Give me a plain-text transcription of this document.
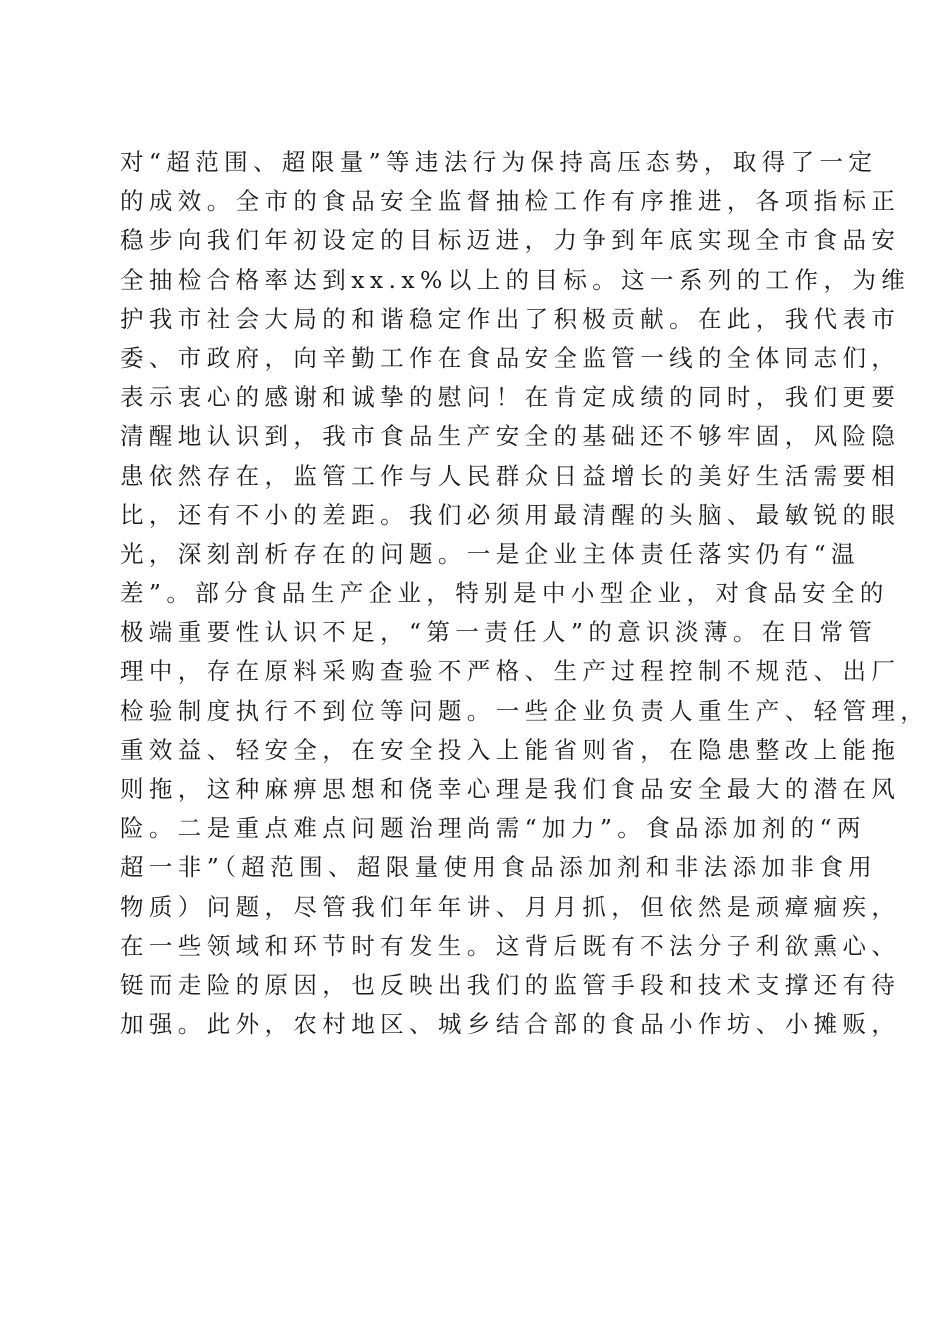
对“超范围、超限量”等违法行为保持高压态势，取得了一定
的成效。全市的食品安全监督抽检工作有序推进，各项指标正
稳步向我们年初设定的目标迈进，力争到年底实现全市食品安
全抽检合格率达到xx.x%以上的目标。这一系列的工作，为维
护我市社会大局的和谐稳定作出了积极贡献。在此，我代表市
委、市政府，向辛勤工作在食品安全监管一线的全体同志们，
表示衷心的感谢和诚挚的慰问！在肯定成绩的同时，我们更要
清醒地认识到，我市食品生产安全的基础还不够牢固，风险隐
患依然存在，监管工作与人民群众日益增长的美好生活需要相
比，还有不小的差距。我们必须用最清醒的头脑、最敏锐的眼
光，深刻剖析存在的问题。一是企业主体责任落实仍有“温
差”。部分食品生产企业，特别是中小型企业，对食品安全的
极端重要性认识不足，“第一责任人”的意识淡薄。在日常管
理中，存在原料采购查验不严格、生产过程控制不规范、出厂
检验制度执行不到位等问题。一些企业负责人重生产、轻管理，
重效益、轻安全，在安全投入上能省则省，在隐患整改上能拖
则拖，这种麻痹思想和侥幸心理是我们食品安全最大的潜在风
险。二是重点难点问题治理尚需“加力”。食品添加剂的“两
超一非”（超范围、超限量使用食品添加剂和非法添加非食用
物质）问题，尽管我们年年讲、月月抓，但依然是顽瘴痼疾，
在一些领域和环节时有发生。这背后既有不法分子利欲熏心、
铤而走险的原因，也反映出我们的监管手段和技术支撑还有待
加强。此外，农村地区、城乡结合部的食品小作坊、小摊贩，
